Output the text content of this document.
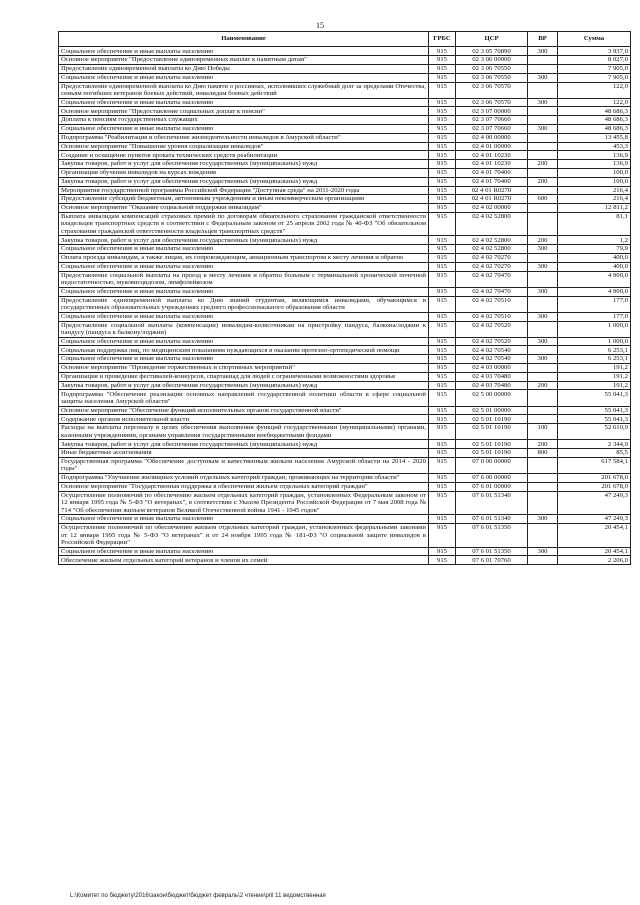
15
Наименование	ГРБС	ЦСР	ВР	Сумма
Социальное обеспечение и иные выплаты населению	915	02 3 05 70890	300	3 937,0
Основное мероприятие "Предоставление единовременных выплат к памятным датам"	915	02 3 06 00000		8 027,0
Предоставление единовременной выплаты ко Дню Победы	915	02 3 06 70550		7 905,0
Социальное обеспечение и иные выплаты населению	915	02 3 06 70550	300	7 905,0
Предоставление единовременной выплаты ко Дню памяти о россиянах, исполнявших служебный долг за пределами Отечества, семьям погибших ветеранов боевых действий, инвалидам боевых действий	915	02 3 06 70570		122,0
Социальное обеспечение и иные выплаты населению	915	02 3 06 70570	300	122,0
Основное мероприятие "Предоставление социальных доплат к пенсии"	915	02 3 07 00000		48 686,3
Доплаты к пенсиям государственных служащих	915	02 3 07 70660		48 686,3
Социальное обеспечение и иные выплаты населению	915	02 3 07 70660	300	48 686,3
Подпрограмма "Реабилитация и обеспечение жизнедеятельности инвалидов в Амурской области"	915	02 4 00 00000		13 455,8
Основное мероприятие "Повышение уровня социализации инвалидов"	915	02 4 01 00000		453,3
Создание и оснащение пунктов проката технических средств реабилитации	915	02 4 01 10230		136,9
Закупка товаров, работ и услуг для обеспечения государственных (муниципальных) нужд	915	02 4 01 10230	200	136,9
Организация обучения инвалидов на курсах вождения	915	02 4 01 70400		100,0
Закупка товаров, работ и услуг для обеспечения государственных (муниципальных) нужд	915	02 4 01 70400	200	100,0
Мероприятия государственной программы Российской Федерации "Доступная среда" на 2011-2020 годы	915	02 4 01 R0270		216,4
Предоставление субсидий бюджетным, автономным учреждениям и иным некоммерческим организациям	915	02 4 01 R0270	600	216,4
Основное мероприятие "Оказание социальной поддержки инвалидам"	915	02 4 02 00000		12 811,2
Выплата инвалидам компенсаций страховых премий по договорам обязательного страхования гражданской ответственности владельцев транспортных средств в соответствии с Федеральным законом от 25 апреля 2002 года № 40-ФЗ "Об обязательном страховании гражданской ответственности владельцев транспортных средств"	915	02 4 02 52800		81,1
Закупка товаров, работ и услуг для обеспечения государственных (муниципальных) нужд	915	02 4 02 52800	200	1,2
Социальное обеспечение и иные выплаты населению	915	02 4 02 52800	300	79,9
Оплата проезда инвалидам, а также лицам, их сопровождающим, авиационным транспортом к месту лечения и обратно	915	02 4 02 70270		400,0
Социальное обеспечение и иные выплаты населению	915	02 4 02 70270	300	400,0
Предоставление социальной выплаты на проезд к месту лечения и обратно больным с терминальной хронической почечной недостаточностью, муковисцидозом, лимфолейкозом	915	02 4 02 70470		4 900,0
Социальное обеспечение и иные выплаты населению	915	02 4 02 70470	300	4 900,0
Предоставление единовременной выплаты ко Дню знаний студентам, являющимся инвалидами, обучающимся в государственных образовательных учреждениях среднего профессионального образования области	915	02 4 02 70510		177,0
Социальное обеспечение и иные выплаты населению	915	02 4 02 70510	300	177,0
Предоставление социальной выплаты (компенсации) инвалидам-колясочникам на пристройку пандуса, балкона/лоджии к пандусу (пандуса к балкону/лоджии)	915	02 4 02 70520		1 000,0
Социальное обеспечение и иные выплаты населению	915	02 4 02 70520	300	1 000,0
Социальная поддержка лиц, по медицинским показаниям нуждающихся в оказании протезно-ортопедической помощи	915	02 4 02 70540		6 253,1
Социальное обеспечение и иные выплаты населению	915	02 4 02 70540	300	6 253,1
Основное мероприятие "Проведение торжественных и спортивных мероприятий"	915	02 4 03 00000		191,2
Организация и проведение фестивалей-конкурсов, спартакиад для людей с ограниченными возможностями здоровья	915	02 4 03 70480		191,2
Закупка товаров, работ и услуг для обеспечения государственных (муниципальных) нужд	915	02 4 03 70480	200	191,2
Подпрограмма "Обеспечение реализации основных направлений государственной политики области в сфере социальной защиты населения Амурской области"	915	02 5 00 00000		55 041,3
Основное мероприятие "Обеспечение функций исполнительных органов государственной власти"	915	02 5 01 00000		55 041,3
Содержание органов исполнительной власти	915	02 5 01 10190		55 041,3
Расходы на выплаты персоналу в целях обеспечения выполнения функций государственными (муниципальными) органами, казенными учреждениями, органами управления государственными внебюджетными фондами	915	02 5 01 10190	100	52 610,9
Закупка товаров, работ и услуг для обеспечения государственных (муниципальных) нужд	915	02 5 01 10190	200	2 344,9
Иные бюджетные ассигнования	915	02 5 01 10190	800	85,5
Государственная программа "Обеспечение доступным и качественным жильем населения Амурской области на 2014 - 2020 годы"	915	07 0 00 00000		617 584,1
Подпрограмма "Улучшение жилищных условий отдельных категорий граждан, проживающих на территории области"	915	07 6 00 00000		201 678,0
Основное мероприятие "Государственная поддержка в обеспечении жильем отдельных категорий граждан"	915	07 6 01 00000		201 678,0
Осуществление полномочий по обеспечению жильем отдельных категорий граждан, установленных Федеральным законом от 12 января 1995 года № 5-ФЗ "О ветеранах", в соответствии с Указом Президента Российской Федерации от 7 мая 2008 года № 714 "Об обеспечении жильем ветеранов Великой Отечественной войны 1941 - 1945 годов"	915	07 6 01 51340		47 249,3
Социальное обеспечение и иные выплаты населению	915	07 6 01 51340	300	47 249,3
Осуществление полномочий по обеспечению жильем отдельных категорий граждан, установленных федеральными законами от 12 января 1995 года № 5-ФЗ "О ветеранах" и от 24 ноября 1995 года № 181-ФЗ "О социальной защите инвалидов в Российской Федерации"	915	07 6 01 51350		20 454,1
Социальное обеспечение и иные выплаты населению	915	07 6 01 51350	300	20 454,1
Обеспечение жильем отдельных категорий ветеранов и членов их семей	915	07 6 01 70760		2 206,0
L:\Комитет по бюджету\2016\закон\бюджет\бюджет февраль\2 чтение\pril 11 ведомственная
